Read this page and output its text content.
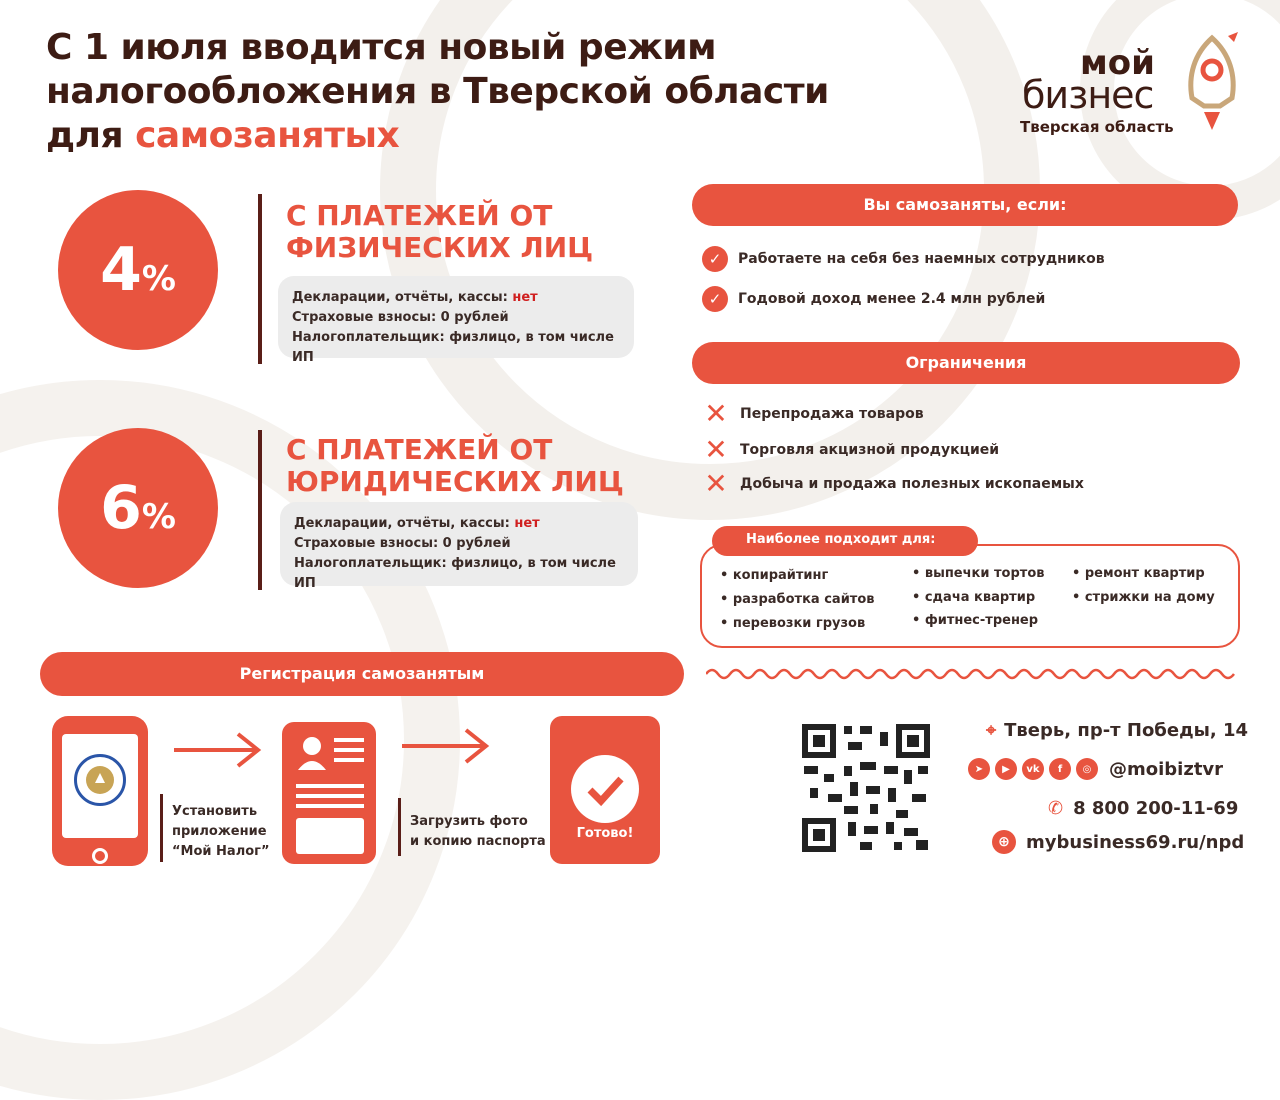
С 1 июля вводится новый режим
налогообложения в Тверской области
для самозанятых
мой
бизнес
Тверская область
4%
С ПЛАТЕЖЕЙ ОТ
ФИЗИЧЕСКИХ ЛИЦ
Декларации, отчёты, кассы: нет
Страховые взносы: 0 рублей
Налогоплательщик: физлицо, в том числе ИП
6%
С ПЛАТЕЖЕЙ ОТ
ЮРИДИЧЕСКИХ ЛИЦ
Декларации, отчёты, кассы: нет
Страховые взносы: 0 рублей
Налогоплательщик: физлицо, в том числе ИП
Вы самозаняты, если:
✓	Работаете на себя без наемных сотрудников
✓	Годовой доход менее 2.4 млн рублей
Ограничения
✕ Перепродажа товаров
✕ Торговля акцизной продукцией
✕ Добыча и продажа полезных ископаемых
Наиболее подходит для:
• копирайтинг
• разработка сайтов
• перевозки грузов
• выпечки тортов
• сдача квартир
• фитнес-тренер
• ремонт квартир
• стрижки на дому
Регистрация самозанятым
Установить
приложение
“Мой Налог”
Загрузить фото
и копию паспорта
Готово!
⌖ Тверь, пр-т Победы, 14
➤	▶	vk	f	◎ @moibiztvr
✆ 8 800 200-11-69
⊕ mybusiness69.ru/npd
